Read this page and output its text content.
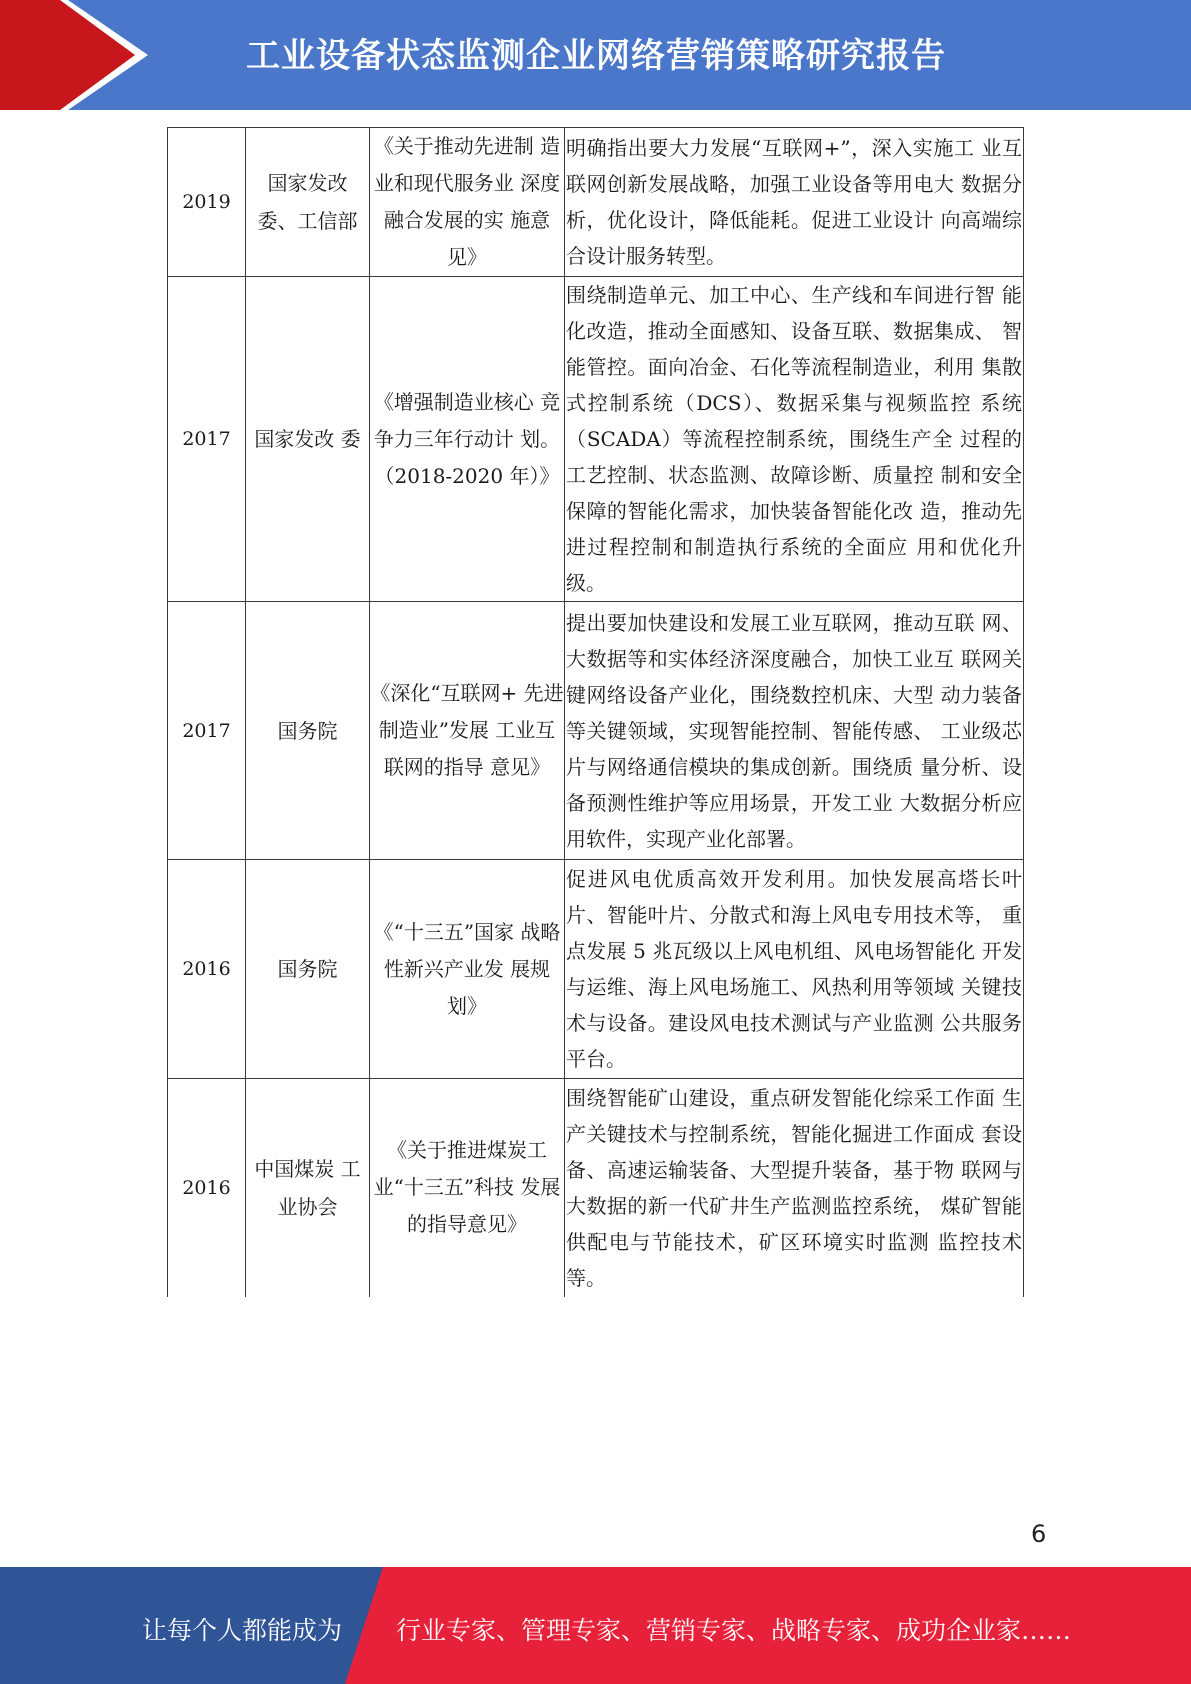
工业设备状态监测企业网络营销策略研究报告
2019	国家发改委、工信部	《关于推动先进制 造业和现代服务业 深度融合发展的实 施意见》	明确指出要大力发展“互联网+”，深入实施工 业互联网创新发展战略，加强工业设备等用电大 数据分析，优化设计，降低能耗。促进工业设计 向高端综合设计服务转型。
2017	国家发改 委	《增强制造业核心 竞争力三年行动计 划。（2018-2020 年）》	围绕制造单元、加工中心、生产线和车间进行智 能化改造，推动全面感知、设备互联、数据集成、 智能管控。面向冶金、石化等流程制造业，利用 集散式控制系统（DCS）、数据采集与视频监控 系统（SCADA）等流程控制系统，围绕生产全 过程的工艺控制、状态监测、故障诊断、质量控 制和安全保障的智能化需求，加快装备智能化改 造，推动先进过程控制和制造执行系统的全面应 用和优化升级。
2017	国务院	《深化“互联网+ 先进制造业”发展 工业互联网的指导 意见》	提出要加快建设和发展工业互联网，推动互联 网、大数据等和实体经济深度融合，加快工业互 联网关键网络设备产业化，围绕数控机床、大型 动力装备等关键领域，实现智能控制、智能传感、 工业级芯片与网络通信模块的集成创新。围绕质 量分析、设备预测性维护等应用场景，开发工业 大数据分析应用软件，实现产业化部署。
2016	国务院	《“十三五”国家 战略性新兴产业发 展规划》	促进风电优质高效开发利用。加快发展高塔长叶 片、智能叶片、分散式和海上风电专用技术等， 重点发展 5 兆瓦级以上风电机组、风电场智能化 开发与运维、海上风电场施工、风热利用等领域 关键技术与设备。建设风电技术测试与产业监测 公共服务平台。
2016	中国煤炭 工业协会	《关于推进煤炭工 业“十三五”科技 发展的指导意见》	围绕智能矿山建设，重点研发智能化综采工作面 生产关键技术与控制系统，智能化掘进工作面成 套设备、高速运输装备、大型提升装备，基于物 联网与大数据的新一代矿井生产监测监控系统， 煤矿智能供配电与节能技术，矿区环境实时监测 监控技术等。
6
让每个人都能成为 行业专家、管理专家、营销专家、战略专家、成功企业家……
